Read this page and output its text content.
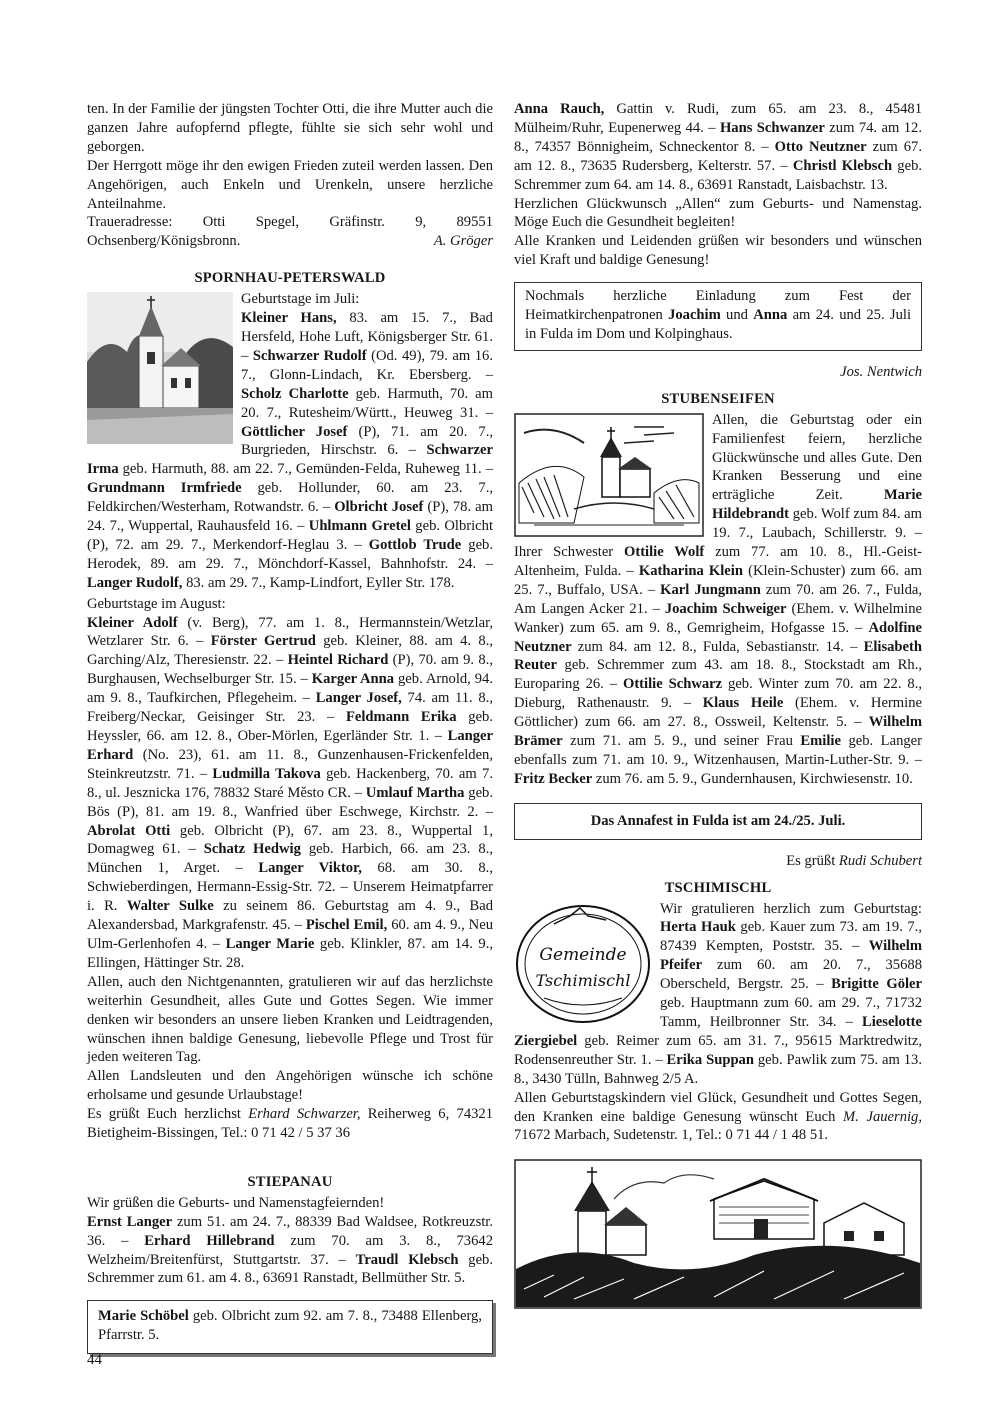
ten. In der Familie der jüngsten Tochter Otti, die ihre Mutter auch die ganzen Jahre aufopfernd pflegte, fühlte sie sich sehr wohl und geborgen.

Der Herrgott möge ihr den ewigen Frieden zuteil werden lassen. Den Angehörigen, auch Enkeln und Urenkeln, unsere herzliche Anteilnahme.

Traueradresse: Otti Spegel, Gräfinstr. 9, 89551 Ochsenberg/Königsbronn.	A. Gröger

SPORNHAU-PETERSWALD

Geburtstage im Juli:

Kleiner Hans, 83. am 15. 7., Bad Hersfeld, Hohe Luft, Königsberger Str. 61. – Schwarzer Rudolf (Od. 49), 79. am 16. 7., Glonn-Lindach, Kr. Ebersberg. – Scholz Charlotte geb. Harmuth, 70. am 20. 7., Rutesheim/Württ., Heuweg 31. – Göttlicher Josef (P), 71. am 20. 7., Burgrieden, Hirschstr. 6. – Schwarzer Irma geb. Harmuth, 88. am 22. 7., Gemünden-Felda, Ruheweg 11. – Grundmann Irmfriede geb. Hollunder, 60. am 23. 7., Feldkirchen/Westerham, Rotwandstr. 6. – Olbricht Josef (P), 78. am 24. 7., Wuppertal, Rauhausfeld 16. – Uhlmann Gretel geb. Olbricht (P), 72. am 29. 7., Merkendorf-Heglau 3. – Gottlob Trude geb. Herodek, 89. am 29. 7., Mönchdorf-Kassel, Bahnhofstr. 24. – Langer Rudolf, 83. am 29. 7., Kamp-Lindfort, Eyller Str. 178.

Geburtstage im August:

Kleiner Adolf (v. Berg), 77. am 1. 8., Hermannstein/Wetzlar, Wetzlarer Str. 6. – Förster Gertrud geb. Kleiner, 88. am 4. 8., Garching/Alz, Theresienstr. 22. – Heintel Richard (P), 70. am 9. 8., Burghausen, Wechselburger Str. 15. – Karger Anna geb. Arnold, 94. am 9. 8., Taufkirchen, Pflegeheim. – Langer Josef, 74. am 11. 8., Freiberg/Neckar, Geisinger Str. 23. – Feldmann Erika geb. Heyssler, 66. am 12. 8., Ober-Mörlen, Egerländer Str. 1. – Langer Erhard (No. 23), 61. am 11. 8., Gunzenhausen-Frickenfelden, Steinkreutzstr. 71. – Ludmilla Takova geb. Hackenberg, 70. am 7. 8., ul. Jesznicka 176, 78832 Staré Město CR. – Umlauf Martha geb. Bös (P), 81. am 19. 8., Wanfried über Eschwege, Kirchstr. 2. – Abrolat Otti geb. Olbricht (P), 67. am 23. 8., Wuppertal 1, Domagweg 61. – Schatz Hedwig geb. Harbich, 66. am 23. 8., München 1, Arget. – Langer Viktor, 68. am 30. 8., Schwieberdingen, Hermann-Essig-Str. 72. – Unserem Heimatpfarrer i. R. Walter Sulke zu seinem 86. Geburtstag am 4. 9., Bad Alexandersbad, Markgrafenstr. 45. – Pischel Emil, 60. am 4. 9., Neu Ulm-Gerlenhofen 4. – Langer Marie geb. Klinkler, 87. am 14. 9., Ellingen, Hättinger Str. 28.

Allen, auch den Nichtgenannten, gratulieren wir auf das herzlichste weiterhin Gesundheit, alles Gute und Gottes Segen. Wie immer denken wir besonders an unsere lieben Kranken und Leidtragenden, wünschen ihnen baldige Genesung, liebevolle Pflege und Trost für jeden weiteren Tag.

Allen Landsleuten und den Angehörigen wünsche ich schöne erholsame und gesunde Urlaubstage!

Es grüßt Euch herzlichst Erhard Schwarzer, Reiherweg 6, 74321 Bietigheim-Bissingen, Tel.: 0 71 42 / 5 37 36

STIEPANAU

Wir grüßen die Geburts- und Namenstagfeiernden!

Ernst Langer zum 51. am 24. 7., 88339 Bad Waldsee, Rotkreuzstr. 36. – Erhard Hillebrand zum 70. am 3. 8., 73642 Welzheim/Breitenfürst, Stuttgartstr. 37. – Traudl Klebsch geb. Schremmer zum 61. am 4. 8., 63691 Ranstadt, Bellmüther Str. 5.

Marie Schöbel geb. Olbricht zum 92. am 7. 8., 73488 Ellenberg, Pfarrstr. 5.

Anna Rauch, Gattin v. Rudi, zum 65. am 23. 8., 45481 Mülheim/Ruhr, Eupenerweg 44. – Hans Schwanzer zum 74. am 12. 8., 74357 Bönnigheim, Schneckentor 8. – Otto Neutzner zum 67. am 12. 8., 73635 Rudersberg, Kelterstr. 57. – Christl Klebsch geb. Schremmer zum 64. am 14. 8., 63691 Ranstadt, Laisbachstr. 13.

Herzlichen Glückwunsch „Allen“ zum Geburts- und Namenstag. Möge Euch die Gesundheit begleiten!

Alle Kranken und Leidenden grüßen wir besonders und wünschen viel Kraft und baldige Genesung!

Nochmals herzliche Einladung zum Fest der Heimatkirchenpatronen Joachim und Anna am 24. und 25. Juli in Fulda im Dom und Kolpinghaus.

Jos. Nentwich

STUBENSEIFEN

Allen, die Geburtstag oder ein Familienfest feiern, herzliche Glückwünsche und alles Gute. Den Kranken Besserung und eine erträgliche Zeit. Marie Hildebrandt geb. Wolf zum 84. am 19. 7., Laubach, Schillerstr. 9. – Ihrer Schwester Ottilie Wolf zum 77. am 10. 8., Hl.-Geist-Altenheim, Fulda. – Katharina Klein (Klein-Schuster) zum 66. am 25. 7., Buffalo, USA. – Karl Jungmann zum 70. am 26. 7., Fulda, Am Langen Acker 21. – Joachim Schweiger (Ehem. v. Wilhelmine Wanker) zum 65. am 9. 8., Gemrigheim, Hofgasse 15. – Adolfine Neutzner zum 84. am 12. 8., Fulda, Sebastianstr. 14. – Elisabeth Reuter geb. Schremmer zum 43. am 18. 8., Stockstadt am Rh., Europaring 26. – Ottilie Schwarz geb. Winter zum 70. am 22. 8., Dieburg, Rathenaustr. 9. – Klaus Heile (Ehem. v. Hermine Göttlicher) zum 66. am 27. 8., Ossweil, Keltenstr. 5. – Wilhelm Brämer zum 71. am 5. 9., und seiner Frau Emilie geb. Langer ebenfalls zum 71. am 10. 9., Witzenhausen, Martin-Luther-Str. 9. – Fritz Becker zum 76. am 5. 9., Gundernhausen, Kirchwiesenstr. 10.

Das Annafest in Fulda ist am 24./25. Juli.

Es grüßt Rudi Schubert

TSCHIMISCHL

Gemeinde
Tschimischl

Wir gratulieren herzlich zum Geburtstag: Herta Hauk geb. Kauer zum 73. am 19. 7., 87439 Kempten, Poststr. 35. – Wilhelm Pfeifer zum 60. am 20. 7., 35688 Oberscheld, Bergstr. 25. – Brigitte Göler geb. Hauptmann zum 60. am 29. 7., 71732 Tamm, Heilbronner Str. 34. – Lieselotte Ziergiebel geb. Reimer zum 65. am 31. 7., 95615 Marktredwitz, Rodensenreuther Str. 1. – Erika Suppan geb. Pawlik zum 75. am 13. 8., 3430 Tülln, Bahnweg 2/5 A.

Allen Geburtstagskindern viel Glück, Gesundheit und Gottes Segen, den Kranken eine baldige Genesung wünscht Euch M. Jauernig, 71672 Marbach, Sudetenstr. 1, Tel.: 0 71 44 / 1 48 51.

44
